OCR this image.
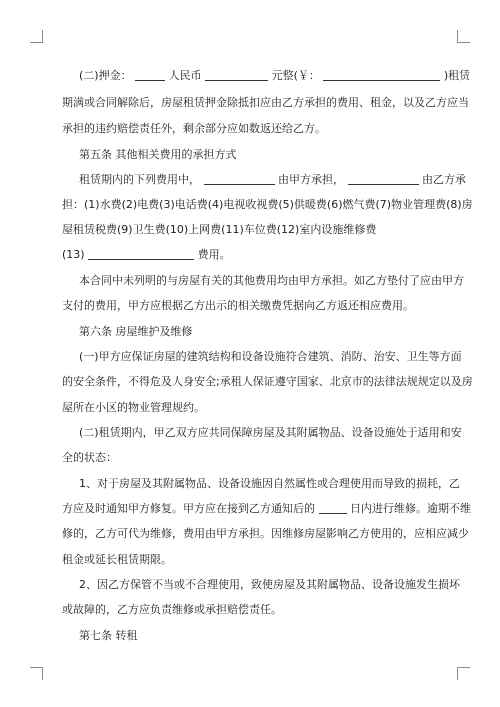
(二)押金：	人民币	元整(￥：	)租赁
期满或合同解除后，房屋租赁押金除抵扣应由乙方承担的费用、租金，以及乙方应当
承担的违约赔偿责任外，剩余部分应如数返还给乙方。
第五条 其他相关费用的承担方式
租赁期内的下列费用中，	由甲方承担，	由乙方承
担：(1)水费(2)电费(3)电话费(4)电视收视费(5)供暖费(6)燃气费(7)物业管理费(8)房
屋租赁税费(9)卫生费(10)上网费(11)车位费(12)室内设施维修费
(13)	费用。
本合同中未列明的与房屋有关的其他费用均由甲方承担。如乙方垫付了应由甲方
支付的费用，甲方应根据乙方出示的相关缴费凭据向乙方返还相应费用。
第六条 房屋维护及维修
(一)甲方应保证房屋的建筑结构和设备设施符合建筑、消防、治安、卫生等方面
的安全条件，不得危及人身安全;承租人保证遵守国家、北京市的法律法规规定以及房
屋所在小区的物业管理规约。
(二)租赁期内，甲乙双方应共同保障房屋及其附属物品、设备设施处于适用和安
全的状态：
1、对于房屋及其附属物品、设备设施因自然属性或合理使用而导致的损耗，乙
方应及时通知甲方修复。甲方应在接到乙方通知后的	日内进行维修。逾期不维
修的，乙方可代为维修，费用由甲方承担。因维修房屋影响乙方使用的，应相应减少
租金或延长租赁期限。
2、因乙方保管不当或不合理使用，致使房屋及其附属物品、设备设施发生损坏
或故障的，乙方应负责维修或承担赔偿责任。
第七条 转租
